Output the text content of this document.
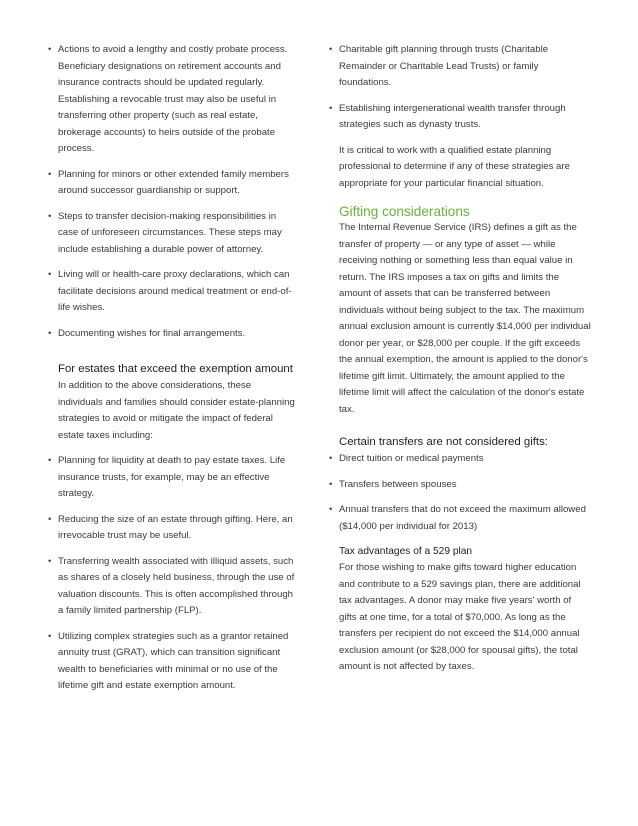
• Actions to avoid a lengthy and costly probate process. Beneficiary designations on retirement accounts and insurance contracts should be updated regularly. Establishing a revocable trust may also be useful in transferring other property (such as real estate, brokerage accounts) to heirs outside of the probate process.
• Planning for minors or other extended family members around successor guardianship or support.
• Steps to transfer decision-making responsibilities in case of unforeseen circumstances. These steps may include establishing a durable power of attorney.
• Living will or health-care proxy declarations, which can facilitate decisions around medical treatment or end-of-life wishes.
• Documenting wishes for final arrangements.
For estates that exceed the exemption amount
In addition to the above considerations, these individuals and families should consider estate-planning strategies to avoid or mitigate the impact of federal estate taxes including:
• Planning for liquidity at death to pay estate taxes. Life insurance trusts, for example, may be an effective strategy.
• Reducing the size of an estate through gifting. Here, an irrevocable trust may be useful.
• Transferring wealth associated with illiquid assets, such as shares of a closely held business, through the use of valuation discounts. This is often accomplished through a family limited partnership (FLP).
• Utilizing complex strategies such as a grantor retained annuity trust (GRAT), which can transition significant wealth to beneficiaries with minimal or no use of the lifetime gift and estate exemption amount.
• Charitable gift planning through trusts (Charitable Remainder or Charitable Lead Trusts) or family foundations.
• Establishing intergenerational wealth transfer through strategies such as dynasty trusts.
It is critical to work with a qualified estate planning professional to determine if any of these strategies are appropriate for your particular financial situation.
Gifting considerations
The Internal Revenue Service (IRS) defines a gift as the transfer of property — or any type of asset — while receiving nothing or something less than equal value in return. The IRS imposes a tax on gifts and limits the amount of assets that can be transferred between individuals without being subject to the tax. The maximum annual exclusion amount is currently $14,000 per individual donor per year, or $28,000 per couple. If the gift exceeds the annual exemption, the amount is applied to the donor's lifetime gift limit. Ultimately, the amount applied to the lifetime limit will affect the calculation of the donor's estate tax.
Certain transfers are not considered gifts:
• Direct tuition or medical payments
• Transfers between spouses
• Annual transfers that do not exceed the maximum allowed ($14,000 per individual for 2013)
Tax advantages of a 529 plan
For those wishing to make gifts toward higher education and contribute to a 529 savings plan, there are additional tax advantages. A donor may make five years' worth of gifts at one time, for a total of $70,000. As long as the transfers per recipient do not exceed the $14,000 annual exclusion amount (or $28,000 for spousal gifts), the total amount is not affected by taxes.
